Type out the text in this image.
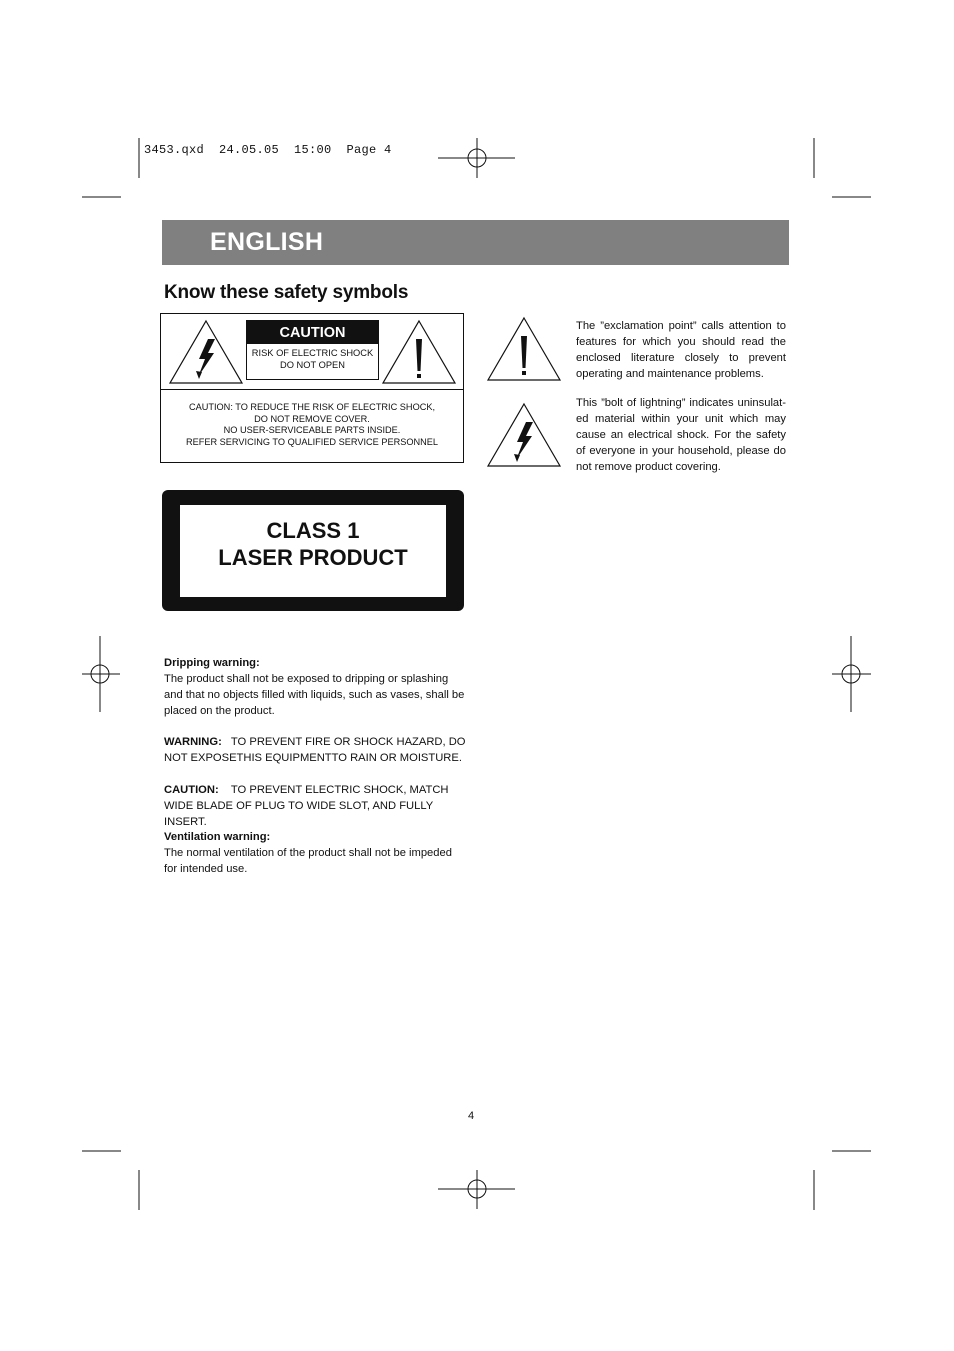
3453.qxd  24.05.05  15:00  Page 4
ENGLISH
Know these safety symbols
CAUTION
RISK OF ELECTRIC SHOCK
DO NOT OPEN
CAUTION: TO REDUCE THE RISK OF ELECTRIC SHOCK,
DO NOT REMOVE COVER.
NO USER-SERVICEABLE PARTS INSIDE.
REFER SERVICING TO QUALIFIED SERVICE PERSONNEL
CLASS 1
LASER PRODUCT
The ”exclamation point” calls attention to features for which you should read the enclosed literature closely to prevent operating and maintenance problems.
This ”bolt of lightning” indicates uninsulat-ed material within your unit which may cause an electrical shock. For the safety of everyone in your household, please do not remove product covering.
Dripping warning:
The product shall not be exposed to dripping or splashing and that no objects filled with liquids, such as vases, shall be placed on the product.
WARNING: TO PREVENT FIRE OR SHOCK HAZARD, DO NOT EXPOSETHIS EQUIPMENTTO RAIN OR MOISTURE.
CAUTION: TO PREVENT ELECTRIC SHOCK, MATCH WIDE BLADE OF PLUG TO WIDE SLOT, AND FULLY INSERT.
Ventilation warning:
The normal ventilation of the product shall not be impeded for intended use.
4
